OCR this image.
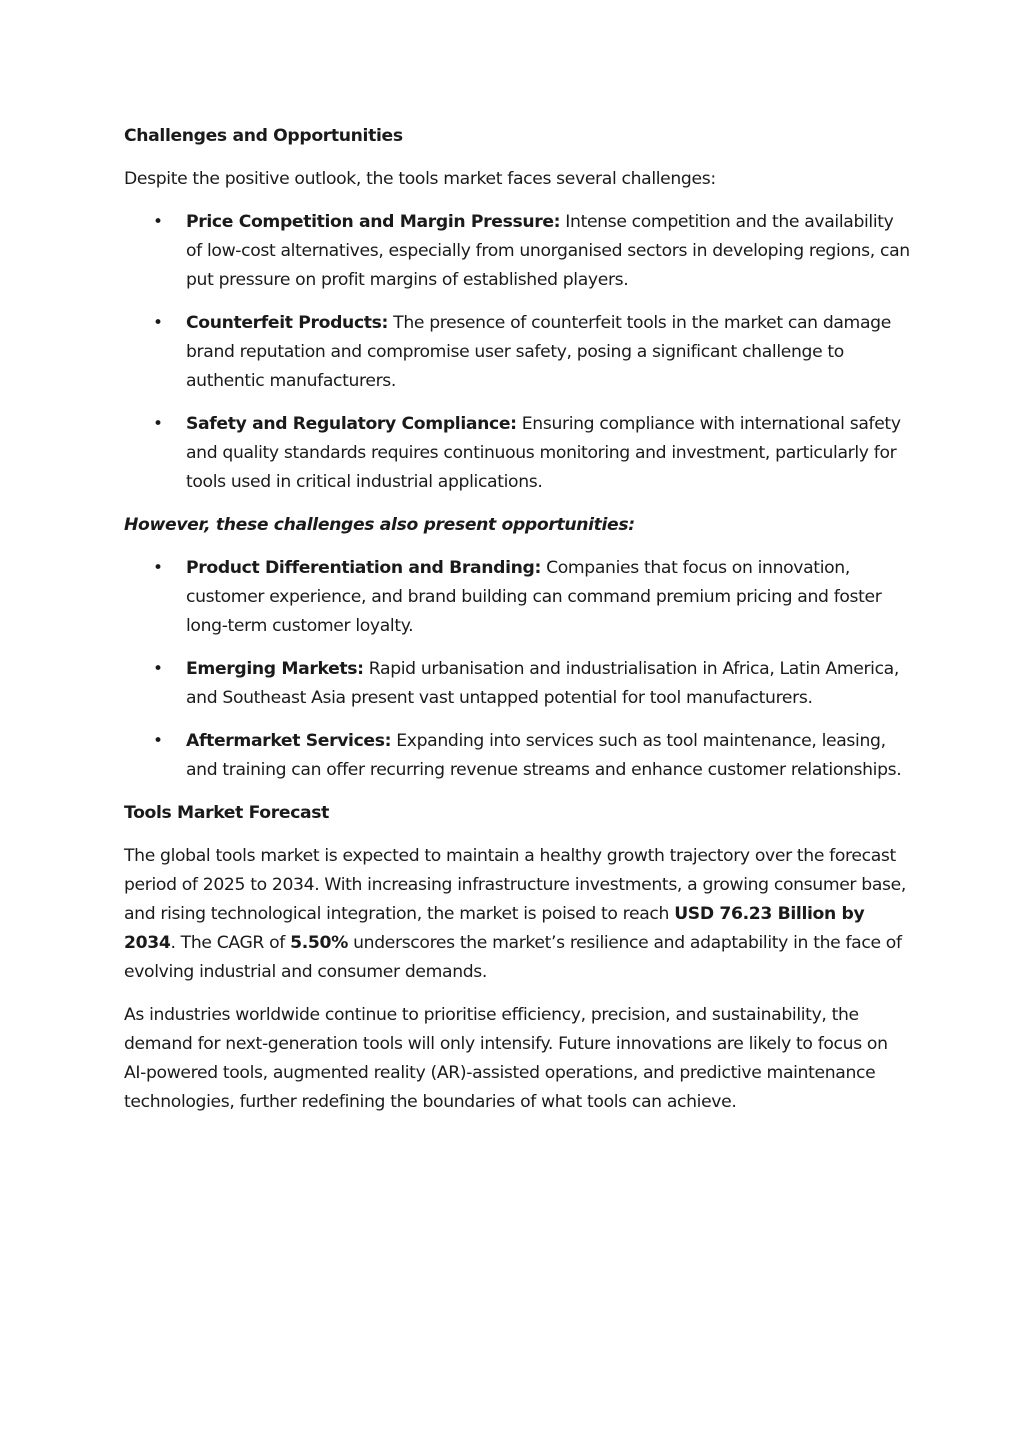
Challenges and Opportunities
Despite the positive outlook, the tools market faces several challenges:
• Price Competition and Margin Pressure: Intense competition and the availability of low-cost alternatives, especially from unorganised sectors in developing regions, can put pressure on profit margins of established players.
• Counterfeit Products: The presence of counterfeit tools in the market can damage brand reputation and compromise user safety, posing a significant challenge to authentic manufacturers.
• Safety and Regulatory Compliance: Ensuring compliance with international safety and quality standards requires continuous monitoring and investment, particularly for tools used in critical industrial applications.
However, these challenges also present opportunities:
• Product Differentiation and Branding: Companies that focus on innovation, customer experience, and brand building can command premium pricing and foster long-term customer loyalty.
• Emerging Markets: Rapid urbanisation and industrialisation in Africa, Latin America, and Southeast Asia present vast untapped potential for tool manufacturers.
• Aftermarket Services: Expanding into services such as tool maintenance, leasing, and training can offer recurring revenue streams and enhance customer relationships.
Tools Market Forecast
The global tools market is expected to maintain a healthy growth trajectory over the forecast period of 2025 to 2034. With increasing infrastructure investments, a growing consumer base, and rising technological integration, the market is poised to reach USD 76.23 Billion by 2034. The CAGR of 5.50% underscores the market’s resilience and adaptability in the face of evolving industrial and consumer demands.
As industries worldwide continue to prioritise efficiency, precision, and sustainability, the demand for next-generation tools will only intensify. Future innovations are likely to focus on AI-powered tools, augmented reality (AR)-assisted operations, and predictive maintenance technologies, further redefining the boundaries of what tools can achieve.
